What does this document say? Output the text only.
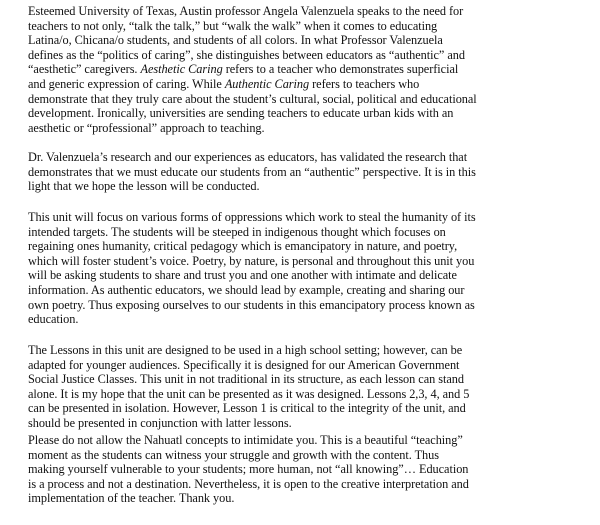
Esteemed University of Texas, Austin professor Angela Valenzuela speaks to the need for
teachers to not only, “talk the talk,” but “walk the walk” when it comes to educating
Latina/o, Chicana/o students, and students of all colors. In what Professor Valenzuela
defines as the “politics of caring”, she distinguishes between educators as “authentic” and
“aesthetic” caregivers. Aesthetic Caring refers to a teacher who demonstrates superficial
and generic expression of caring. While Authentic Caring refers to teachers who
demonstrate that they truly care about the student’s cultural, social, political and educational
development. Ironically, universities are sending teachers to educate urban kids with an
aesthetic or “professional” approach to teaching.
Dr. Valenzuela’s research and our experiences as educators, has validated the research that
demonstrates that we must educate our students from an “authentic” perspective. It is in this
light that we hope the lesson will be conducted.
This unit will focus on various forms of oppressions which work to steal the humanity of its
intended targets. The students will be steeped in indigenous thought which focuses on
regaining ones humanity, critical pedagogy which is emancipatory in nature, and poetry,
which will foster student’s voice. Poetry, by nature, is personal and throughout this unit you
will be asking students to share and trust you and one another with intimate and delicate
information. As authentic educators, we should lead by example, creating and sharing our
own poetry. Thus exposing ourselves to our students in this emancipatory process known as
education.
The Lessons in this unit are designed to be used in a high school setting; however, can be
adapted for younger audiences. Specifically it is designed for our American Government
Social Justice Classes. This unit in not traditional in its structure, as each lesson can stand
alone. It is my hope that the unit can be presented as it was designed. Lessons 2,3, 4, and 5
can be presented in isolation. However, Lesson 1 is critical to the integrity of the unit, and
should be presented in conjunction with latter lessons.
Please do not allow the Nahuatl concepts to intimidate you. This is a beautiful “teaching”
moment as the students can witness your struggle and growth with the content. Thus
making yourself vulnerable to your students; more human, not “all knowing”… Education
is a process and not a destination. Nevertheless, it is open to the creative interpretation and
implementation of the teacher. Thank you.
